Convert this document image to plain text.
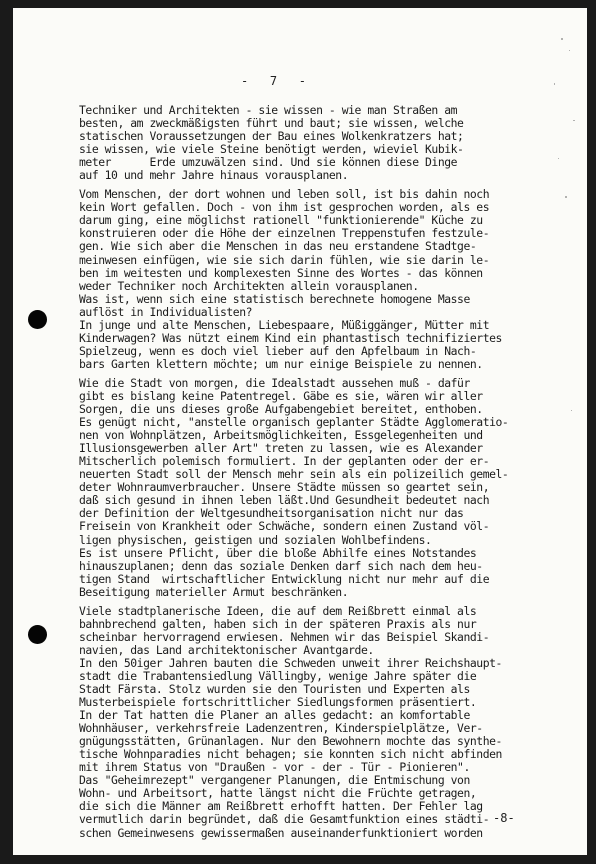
-   7   -

Techniker und Architekten - sie wissen - wie man Straßen am
besten, am zweckmäßigsten führt und baut; sie wissen, welche
statischen Voraussetzungen der Bau eines Wolkenkratzers hat;
sie wissen, wie viele Steine benötigt werden, wieviel Kubik-
meter      Erde umzuwälzen sind. Und sie können diese Dinge
auf 10 und mehr Jahre hinaus vorausplanen.
Vom Menschen, der dort wohnen und leben soll, ist bis dahin noch
kein Wort gefallen. Doch - von ihm ist gesprochen worden, als es
darum ging, eine möglichst rationell "funktionierende" Küche zu
konstruieren oder die Höhe der einzelnen Treppenstufen festzule-
gen. Wie sich aber die Menschen in das neu erstandene Stadtge-
meinwesen einfügen, wie sie sich darin fühlen, wie sie darin le-
ben im weitesten und komplexesten Sinne des Wortes - das können
weder Techniker noch Architekten allein vorausplanen.
Was ist, wenn sich eine statistisch berechnete homogene Masse
auflöst in Individualisten?
In junge und alte Menschen, Liebespaare, Müßiggänger, Mütter mit
Kinderwagen? Was nützt einem Kind ein phantastisch technifiziertes
Spielzeug, wenn es doch viel lieber auf den Apfelbaum in Nach-
bars Garten klettern möchte; um nur einige Beispiele zu nennen.
Wie die Stadt von morgen, die Idealstadt aussehen muß - dafür
gibt es bislang keine Patentregel. Gäbe es sie, wären wir aller
Sorgen, die uns dieses große Aufgabengebiet bereitet, enthoben.
Es genügt nicht, "anstelle organisch geplanter Städte Agglomeratio-
nen von Wohnplätzen, Arbeitsmöglichkeiten, Essgelegenheiten und
Illusionsgewerben aller Art" treten zu lassen, wie es Alexander
Mitscherlich polemisch formuliert. In der geplanten oder der er-
neuerten Stadt soll der Mensch mehr sein als ein polizeilich gemel-
deter Wohnraumverbraucher. Unsere Städte müssen so geartet sein,
daß sich gesund in ihnen leben läßt.Und Gesundheit bedeutet nach
der Definition der Weltgesundheitsorganisation nicht nur das
Freisein von Krankheit oder Schwäche, sondern einen Zustand völ-
ligen physischen, geistigen und sozialen Wohlbefindens.
Es ist unsere Pflicht, über die bloße Abhilfe eines Notstandes
hinauszuplanen; denn das soziale Denken darf sich nach dem heu-
tigen Stand  wirtschaftlicher Entwicklung nicht nur mehr auf die
Beseitigung materieller Armut beschränken.
Viele stadtplanerische Ideen, die auf dem Reißbrett einmal als
bahnbrechend galten, haben sich in der späteren Praxis als nur
scheinbar hervorragend erwiesen. Nehmen wir das Beispiel Skandi-
navien, das Land architektonischer Avantgarde.
In den 50iger Jahren bauten die Schweden unweit ihrer Reichshaupt-
stadt die Trabantensiedlung Vällingby, wenige Jahre später die
Stadt Färsta. Stolz wurden sie den Touristen und Experten als
Musterbeispiele fortschrittlicher Siedlungsformen präsentiert.
In der Tat hatten die Planer an alles gedacht: an komfortable
Wohnhäuser, verkehrsfreie Ladenzentren, Kinderspielplätze, Ver-
gnügungsstätten, Grünanlagen. Nur den Bewohnern mochte das synthe-
tische Wohnparadies nicht behagen; sie konnten sich nicht abfinden
mit ihrem Status von "Draußen - vor - der - Tür - Pionieren".
Das "Geheimrezept" vergangener Planungen, die Entmischung von
Wohn- und Arbeitsort, hatte längst nicht die Früchte getragen,
die sich die Männer am Reißbrett erhofft hatten. Der Fehler lag
vermutlich darin begründet, daß die Gesamtfunktion eines städti-
schen Gemeinwesens gewissermaßen auseinanderfunktioniert worden

-8-
